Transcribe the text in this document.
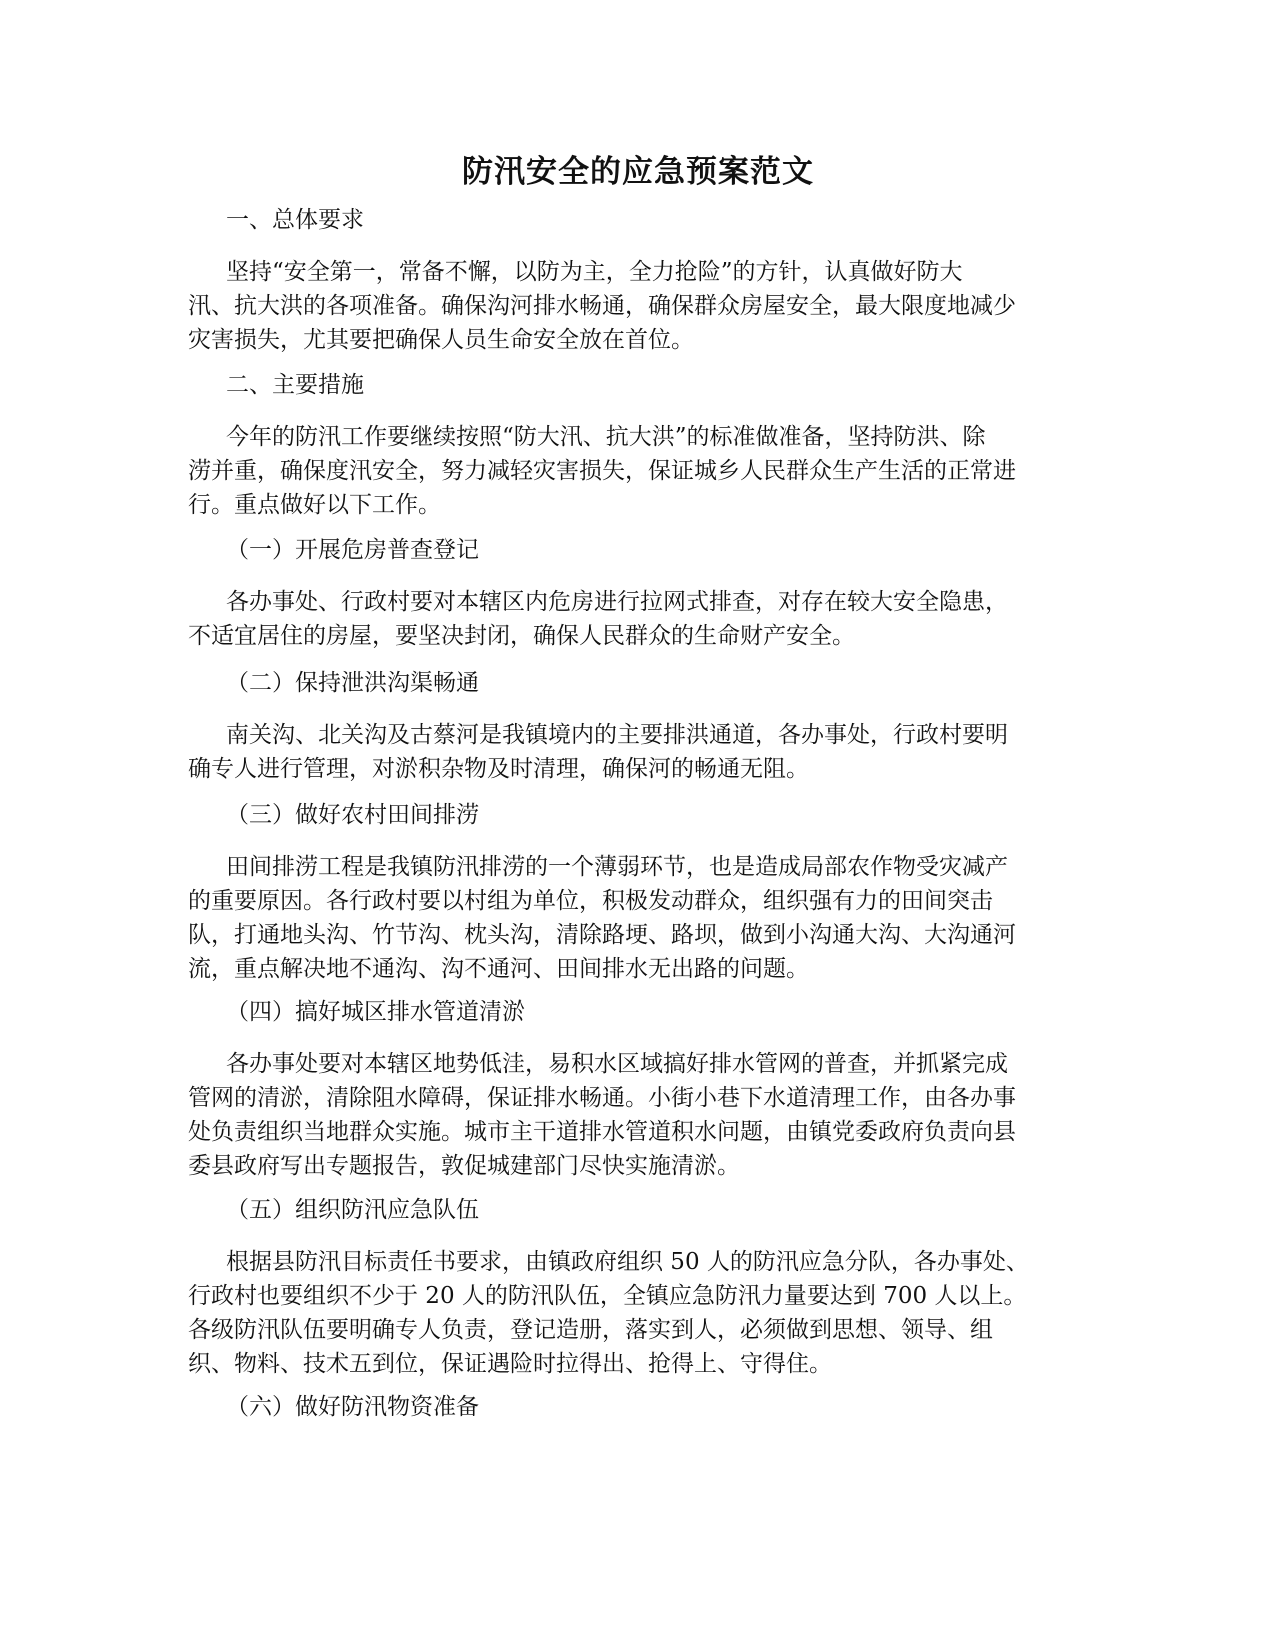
防汛安全的应急预案范文
一、总体要求
坚持“安全第一，常备不懈，以防为主，全力抢险”的方针，认真做好防大
汛、抗大洪的各项准备。确保沟河排水畅通，确保群众房屋安全，最大限度地减少
灾害损失，尤其要把确保人员生命安全放在首位。
二、主要措施
今年的防汛工作要继续按照“防大汛、抗大洪”的标准做准备，坚持防洪、除
涝并重，确保度汛安全，努力减轻灾害损失，保证城乡人民群众生产生活的正常进
行。重点做好以下工作。
（一）开展危房普查登记
各办事处、行政村要对本辖区内危房进行拉网式排查，对存在较大安全隐患，
不适宜居住的房屋，要坚决封闭，确保人民群众的生命财产安全。
（二）保持泄洪沟渠畅通
南关沟、北关沟及古蔡河是我镇境内的主要排洪通道，各办事处，行政村要明
确专人进行管理，对淤积杂物及时清理，确保河的畅通无阻。
（三）做好农村田间排涝
田间排涝工程是我镇防汛排涝的一个薄弱环节，也是造成局部农作物受灾减产
的重要原因。各行政村要以村组为单位，积极发动群众，组织强有力的田间突击
队，打通地头沟、竹节沟、枕头沟，清除路埂、路坝，做到小沟通大沟、大沟通河
流，重点解决地不通沟、沟不通河、田间排水无出路的问题。
（四）搞好城区排水管道清淤
各办事处要对本辖区地势低洼，易积水区域搞好排水管网的普查，并抓紧完成
管网的清淤，清除阻水障碍，保证排水畅通。小街小巷下水道清理工作，由各办事
处负责组织当地群众实施。城市主干道排水管道积水问题，由镇党委政府负责向县
委县政府写出专题报告，敦促城建部门尽快实施清淤。
（五）组织防汛应急队伍
根据县防汛目标责任书要求，由镇政府组织 50 人的防汛应急分队，各办事处、
行政村也要组织不少于 20 人的防汛队伍，全镇应急防汛力量要达到 700 人以上。
各级防汛队伍要明确专人负责，登记造册，落实到人，必须做到思想、领导、组
织、物料、技术五到位，保证遇险时拉得出、抢得上、守得住。
（六）做好防汛物资准备
